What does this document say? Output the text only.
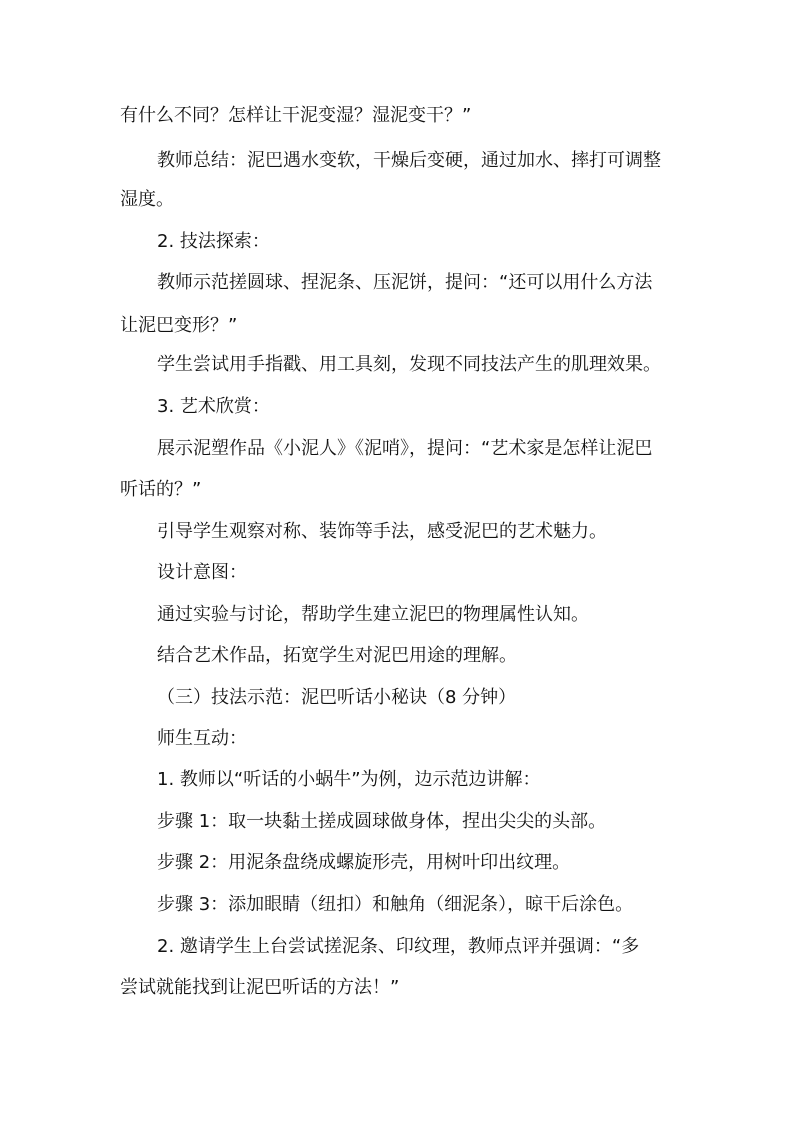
有什么不同？怎样让干泥变湿？湿泥变干？”
教师总结：泥巴遇水变软，干燥后变硬，通过加水、摔打可调整
湿度。
2. 技法探索：
教师示范搓圆球、捏泥条、压泥饼，提问：“还可以用什么方法
让泥巴变形？”
学生尝试用手指戳、用工具刻，发现不同技法产生的肌理效果。
3. 艺术欣赏：
展示泥塑作品《小泥人》《泥哨》，提问：“艺术家是怎样让泥巴
听话的？”
引导学生观察对称、装饰等手法，感受泥巴的艺术魅力。
设计意图：
通过实验与讨论，帮助学生建立泥巴的物理属性认知。
结合艺术作品，拓宽学生对泥巴用途的理解。
（三）技法示范：泥巴听话小秘诀（8 分钟）
师生互动：
1. 教师以“听话的小蜗牛”为例，边示范边讲解：
步骤 1：取一块黏土搓成圆球做身体，捏出尖尖的头部。
步骤 2：用泥条盘绕成螺旋形壳，用树叶印出纹理。
步骤 3：添加眼睛（纽扣）和触角（细泥条），晾干后涂色。
2. 邀请学生上台尝试搓泥条、印纹理，教师点评并强调：“多
尝试就能找到让泥巴听话的方法！”
